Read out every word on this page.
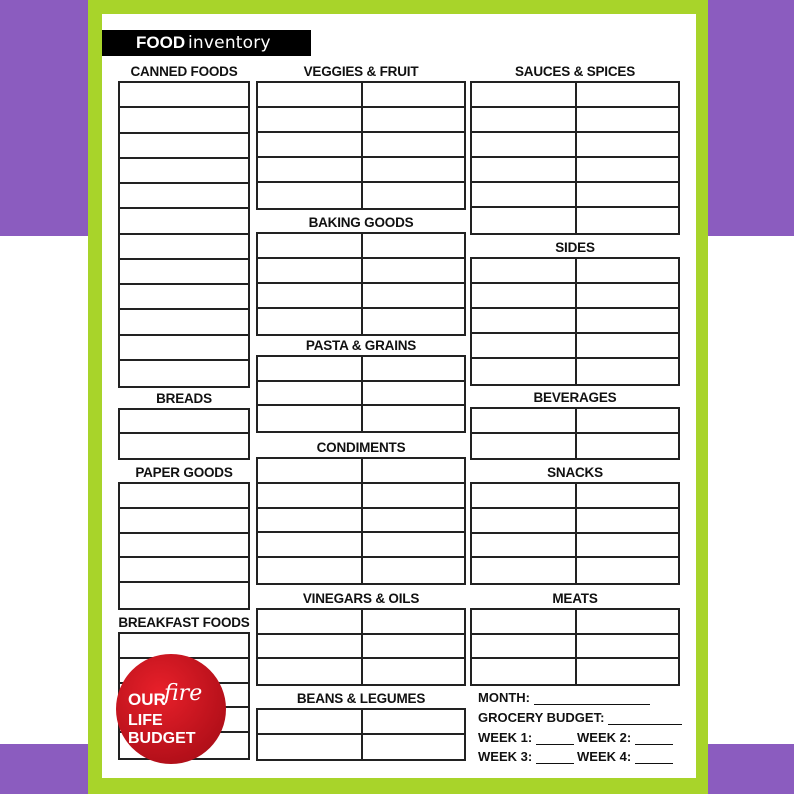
FOOD inventory
CANNED FOODS
BREADS
PAPER GOODS
BREAKFAST FOODS
VEGGIES & FRUIT
BAKING GOODS
PASTA & GRAINS
CONDIMENTS
VINEGARS & OILS
BEANS & LEGUMES
SAUCES & SPICES
SIDES
BEVERAGES
SNACKS
MEATS
MONTH:
GROCERY BUDGET:
WEEK 1:	WEEK 2:
WEEK 3:	WEEK 4:
OUR
fire
LIFE BUDGET
